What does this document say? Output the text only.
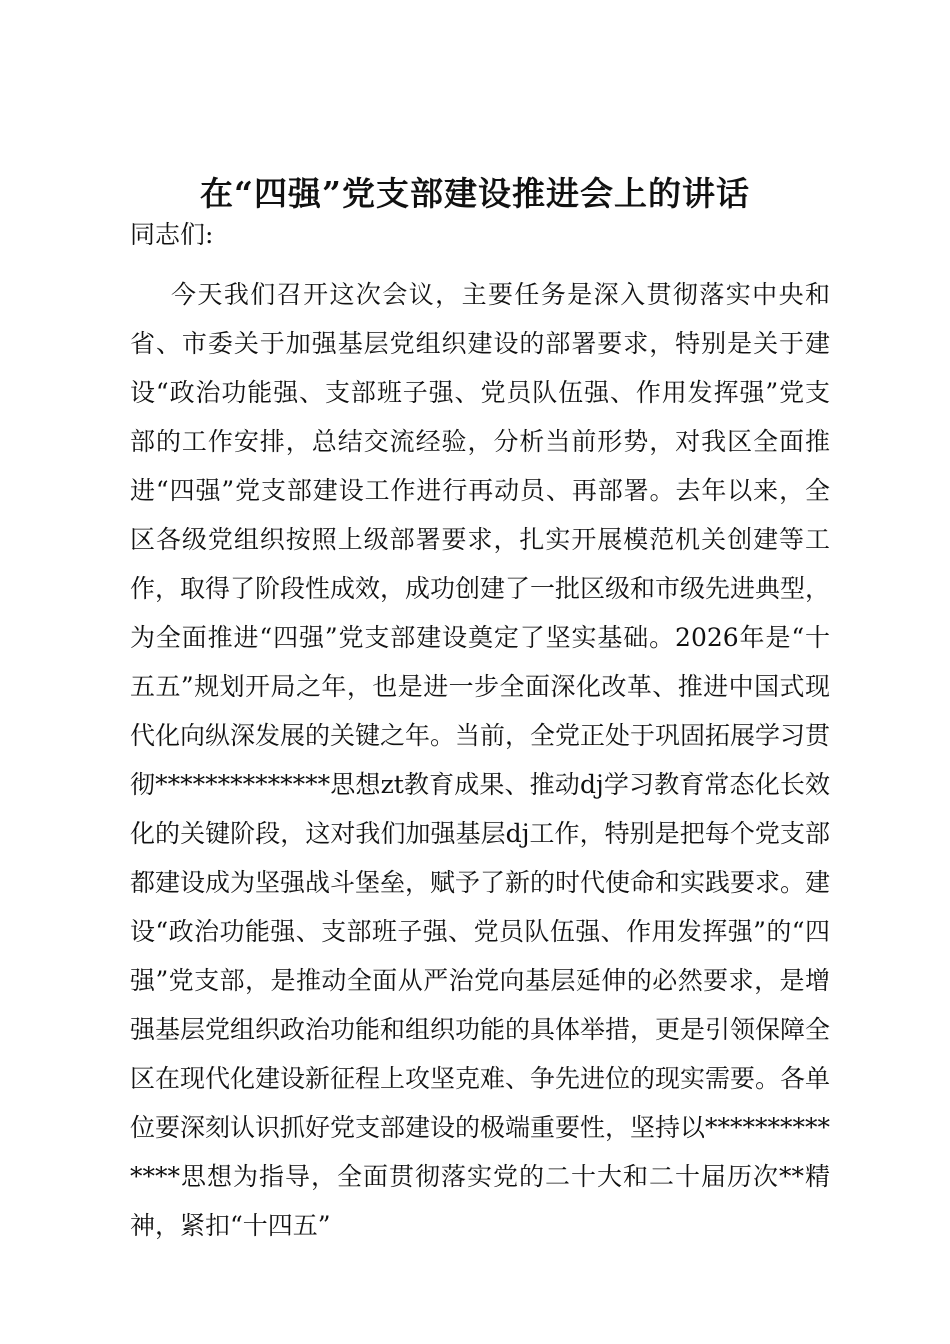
在“四强”党支部建设推进会上的讲话

同志们:

今天我们召开这次会议，主要任务是深入贯彻落实中央和省、市委关于加强基层党组织建设的部署要求，特别是关于建设“政治功能强、支部班子强、党员队伍强、作用发挥强”党支部的工作安排，总结交流经验，分析当前形势，对我区全面推进“四强”党支部建设工作进行再动员、再部署。去年以来，全区各级党组织按照上级部署要求，扎实开展模范机关创建等工作，取得了阶段性成效，成功创建了一批区级和市级先进典型，为全面推进“四强”党支部建设奠定了坚实基础。2026年是“十五五”规划开局之年，也是进一步全面深化改革、推进中国式现代化向纵深发展的关键之年。当前，全党正处于巩固拓展学习贯彻**************思想zt教育成果、推动dj学习教育常态化长效化的关键阶段，这对我们加强基层dj工作，特别是把每个党支部都建设成为坚强战斗堡垒，赋予了新的时代使命和实践要求。建设“政治功能强、支部班子强、党员队伍强、作用发挥强”的“四强”党支部，是推动全面从严治党向基层延伸的必然要求，是增强基层党组织政治功能和组织功能的具体举措，更是引领保障全区在现代化建设新征程上攻坚克难、争先进位的现实需要。各单位要深刻认识抓好党支部建设的极端重要性，坚持以**************思想为指导，全面贯彻落实党的二十大和二十届历次**精神，紧扣“十四五”
